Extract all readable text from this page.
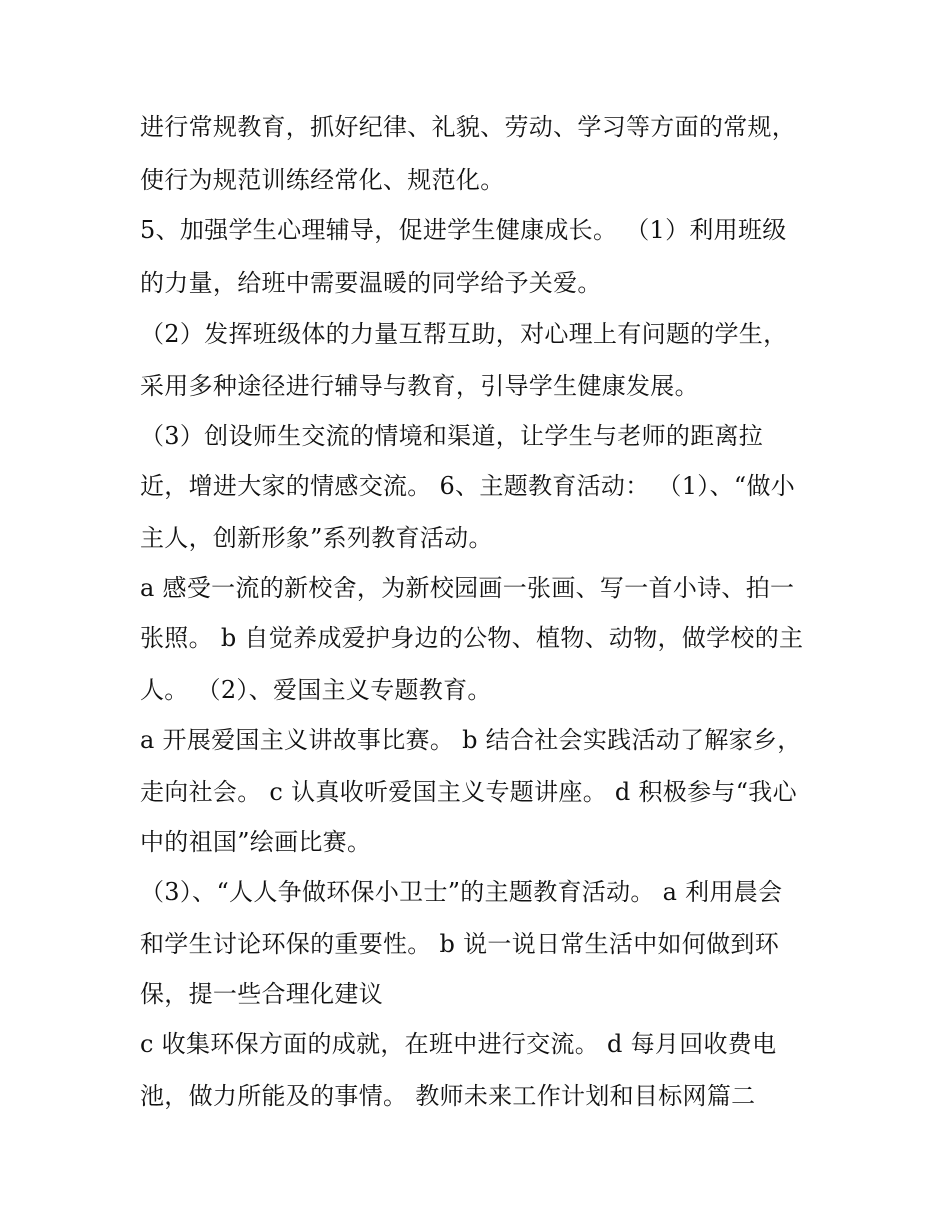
进行常规教育，抓好纪律、礼貌、劳动、学习等方面的常规，
使行为规范训练经常化、规范化。
5、加强学生心理辅导，促进学生健康成长。 （1）利用班级
的力量，给班中需要温暖的同学给予关爱。
（2）发挥班级体的力量互帮互助，对心理上有问题的学生，
采用多种途径进行辅导与教育，引导学生健康发展。
（3）创设师生交流的情境和渠道，让学生与老师的距离拉
近，增进大家的情感交流。 6、主题教育活动： （1）、“做小
主人，创新形象”系列教育活动。
a 感受一流的新校舍，为新校园画一张画、写一首小诗、拍一
张照。 b 自觉养成爱护身边的公物、植物、动物，做学校的主
人。 （2）、爱国主义专题教育。
a 开展爱国主义讲故事比赛。 b 结合社会实践活动了解家乡，
走向社会。 c 认真收听爱国主义专题讲座。 d 积极参与“我心
中的祖国”绘画比赛。
（3）、“人人争做环保小卫士”的主题教育活动。 a 利用晨会
和学生讨论环保的重要性。 b 说一说日常生活中如何做到环
保，提一些合理化建议
c 收集环保方面的成就，在班中进行交流。 d 每月回收费电
池，做力所能及的事情。 教师未来工作计划和目标网篇二
